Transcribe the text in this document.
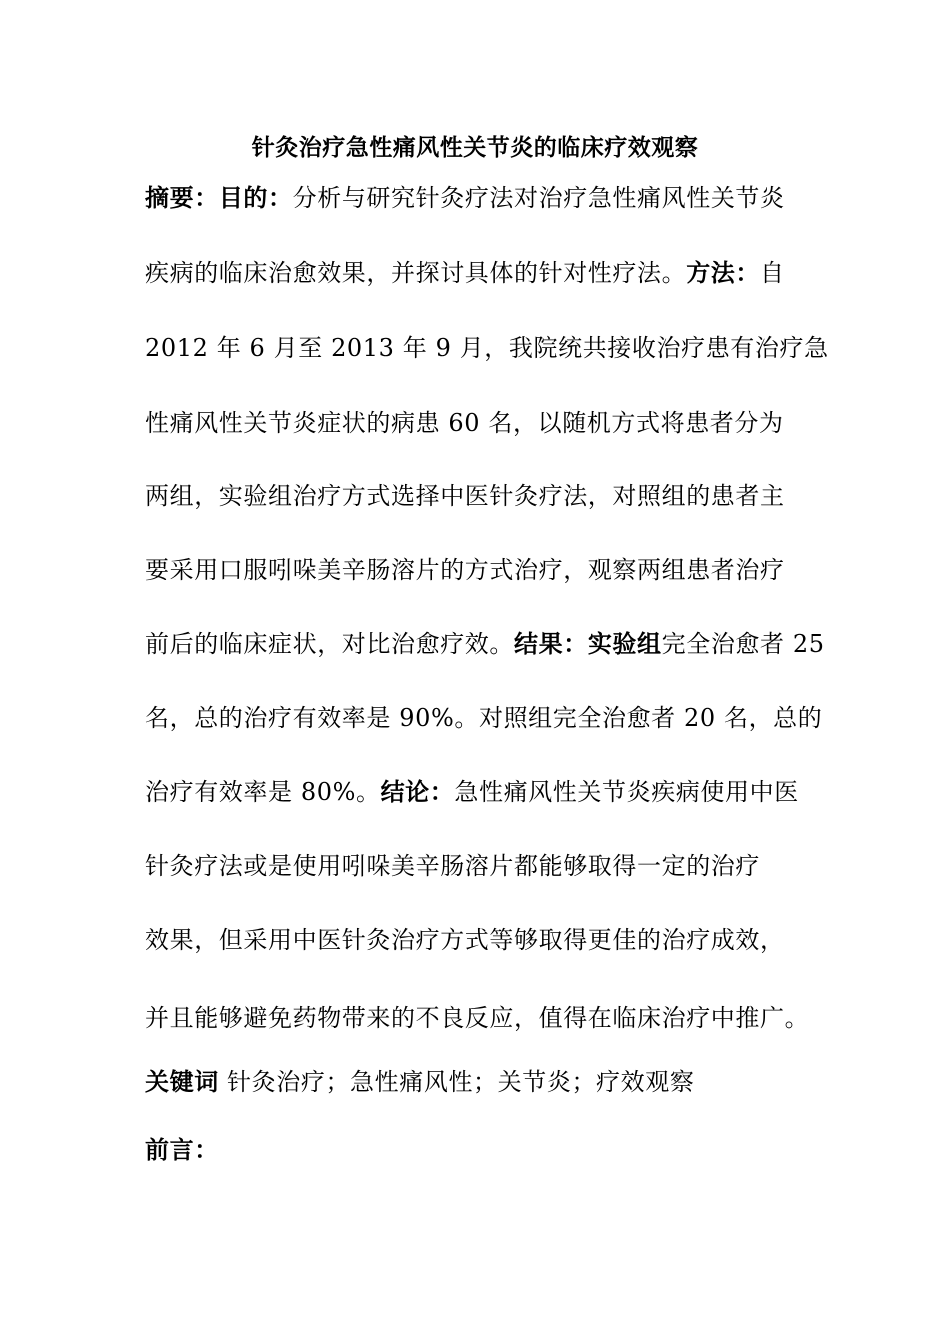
针灸治疗急性痛风性关节炎的临床疗效观察
摘要：目的：分析与研究针灸疗法对治疗急性痛风性关节炎
疾病的临床治愈效果，并探讨具体的针对性疗法。方法：自
2012 年 6 月至 2013 年 9 月，我院统共接收治疗患有治疗急
性痛风性关节炎症状的病患 60 名，以随机方式将患者分为
两组，实验组治疗方式选择中医针灸疗法，对照组的患者主
要采用口服吲哚美辛肠溶片的方式治疗，观察两组患者治疗
前后的临床症状，对比治愈疗效。结果：实验组完全治愈者 25
名，总的治疗有效率是 90%。对照组完全治愈者 20 名，总的
治疗有效率是 80%。结论：急性痛风性关节炎疾病使用中医
针灸疗法或是使用吲哚美辛肠溶片都能够取得一定的治疗
效果，但采用中医针灸治疗方式等够取得更佳的治疗成效，
并且能够避免药物带来的不良反应，值得在临床治疗中推广。
关键词 针灸治疗；急性痛风性；关节炎；疗效观察
前言：
